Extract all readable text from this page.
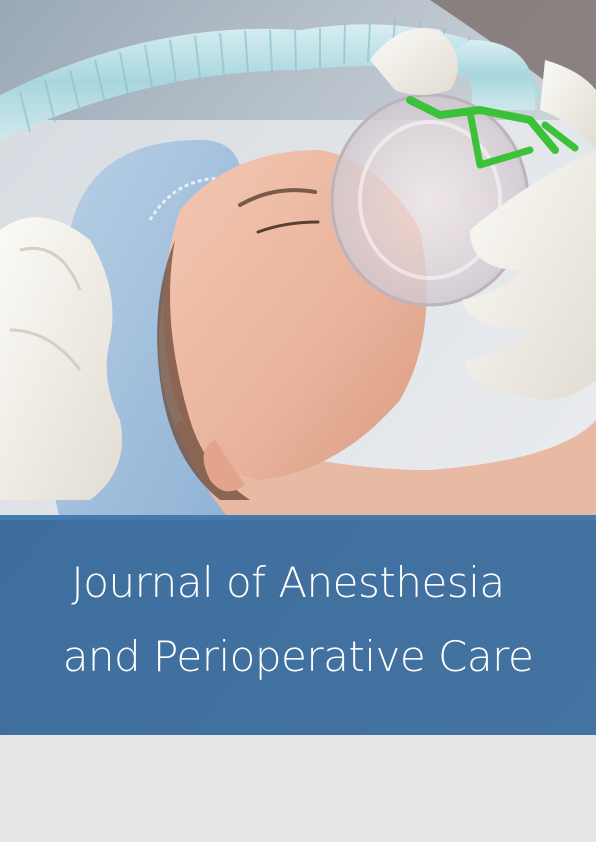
Journal of Anesthesia
and Perioperative Care
